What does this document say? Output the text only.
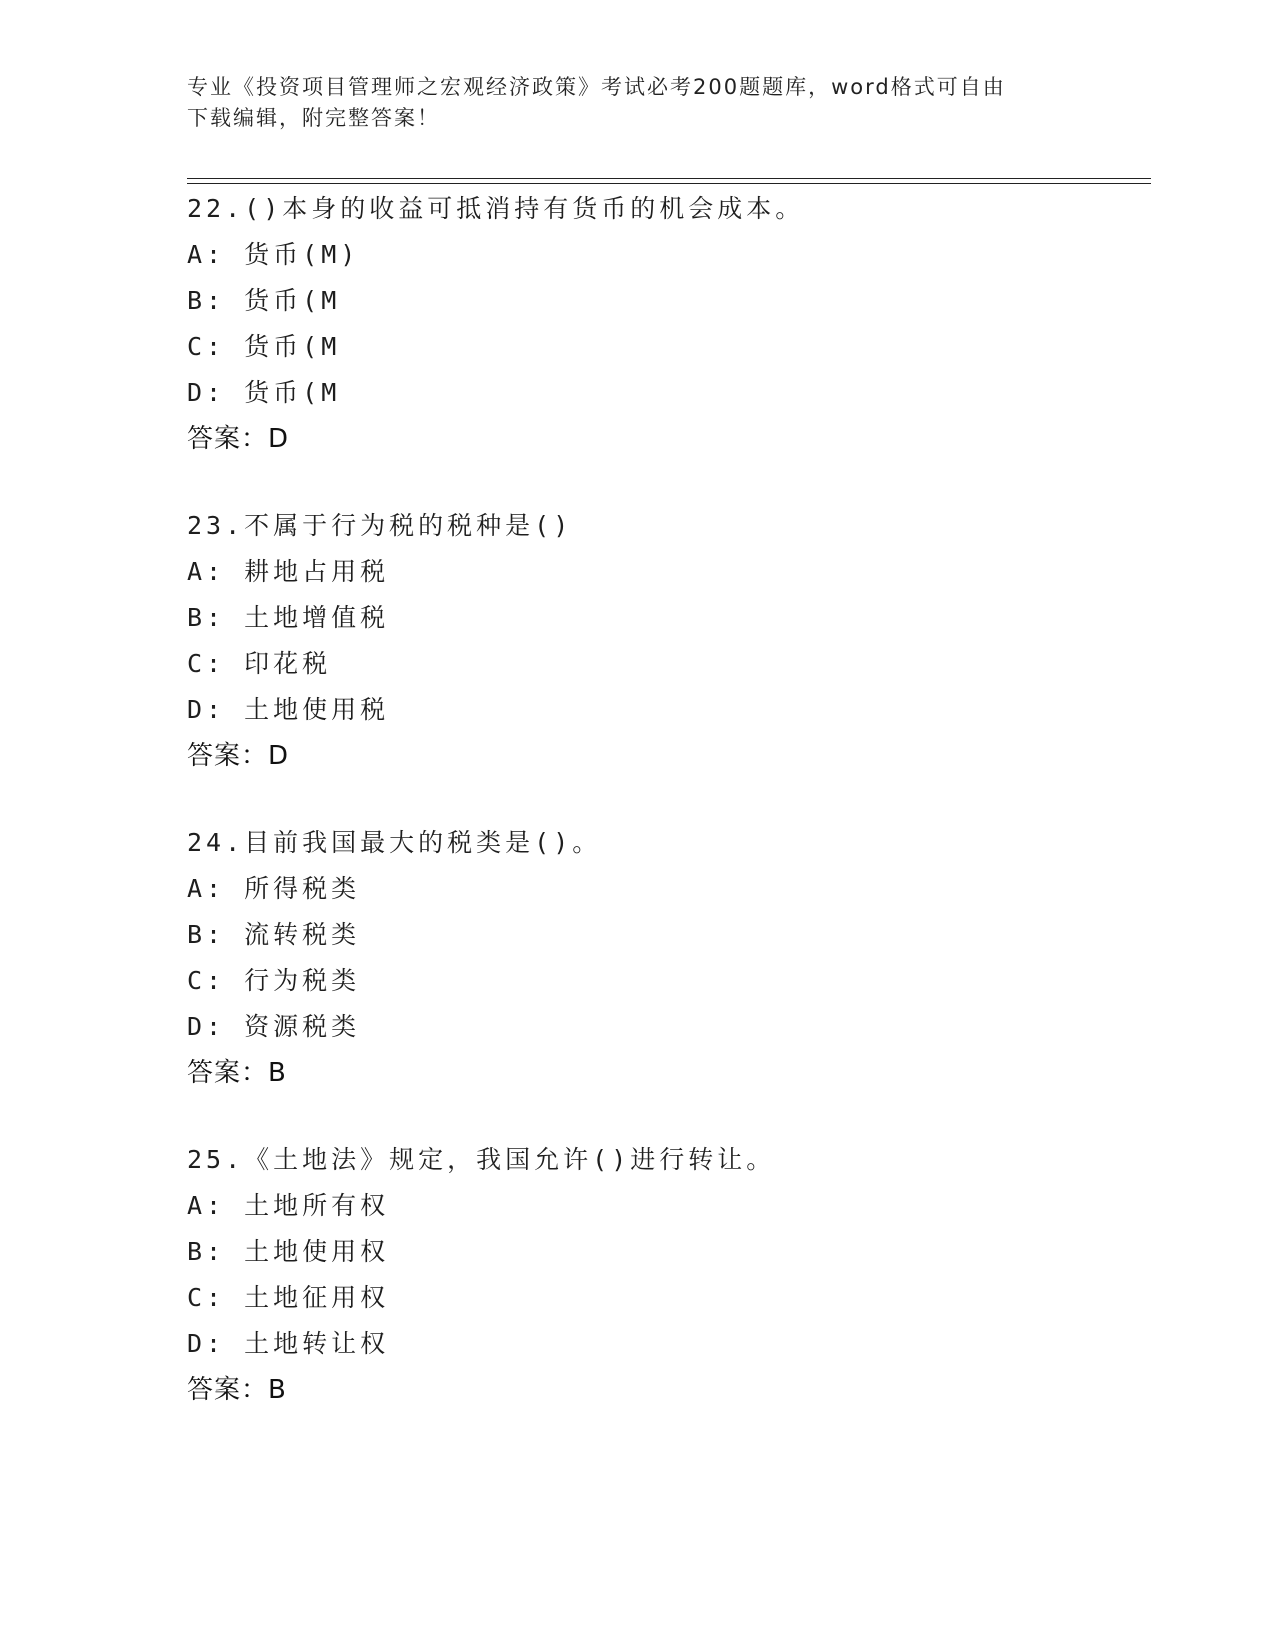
专业《投资项目管理师之宏观经济政策》考试必考200题题库，word格式可自由
下载编辑，附完整答案！
22.()本身的收益可抵消持有货币的机会成本。
A: 货币(M)
B: 货币(M
C: 货币(M
D: 货币(M
答案：D
23.不属于行为税的税种是()
A: 耕地占用税
B: 土地增值税
C: 印花税
D: 土地使用税
答案：D
24.目前我国最大的税类是()。
A: 所得税类
B: 流转税类
C: 行为税类
D: 资源税类
答案：B
25.《土地法》规定，我国允许()进行转让。
A: 土地所有权
B: 土地使用权
C: 土地征用权
D: 土地转让权
答案：B
